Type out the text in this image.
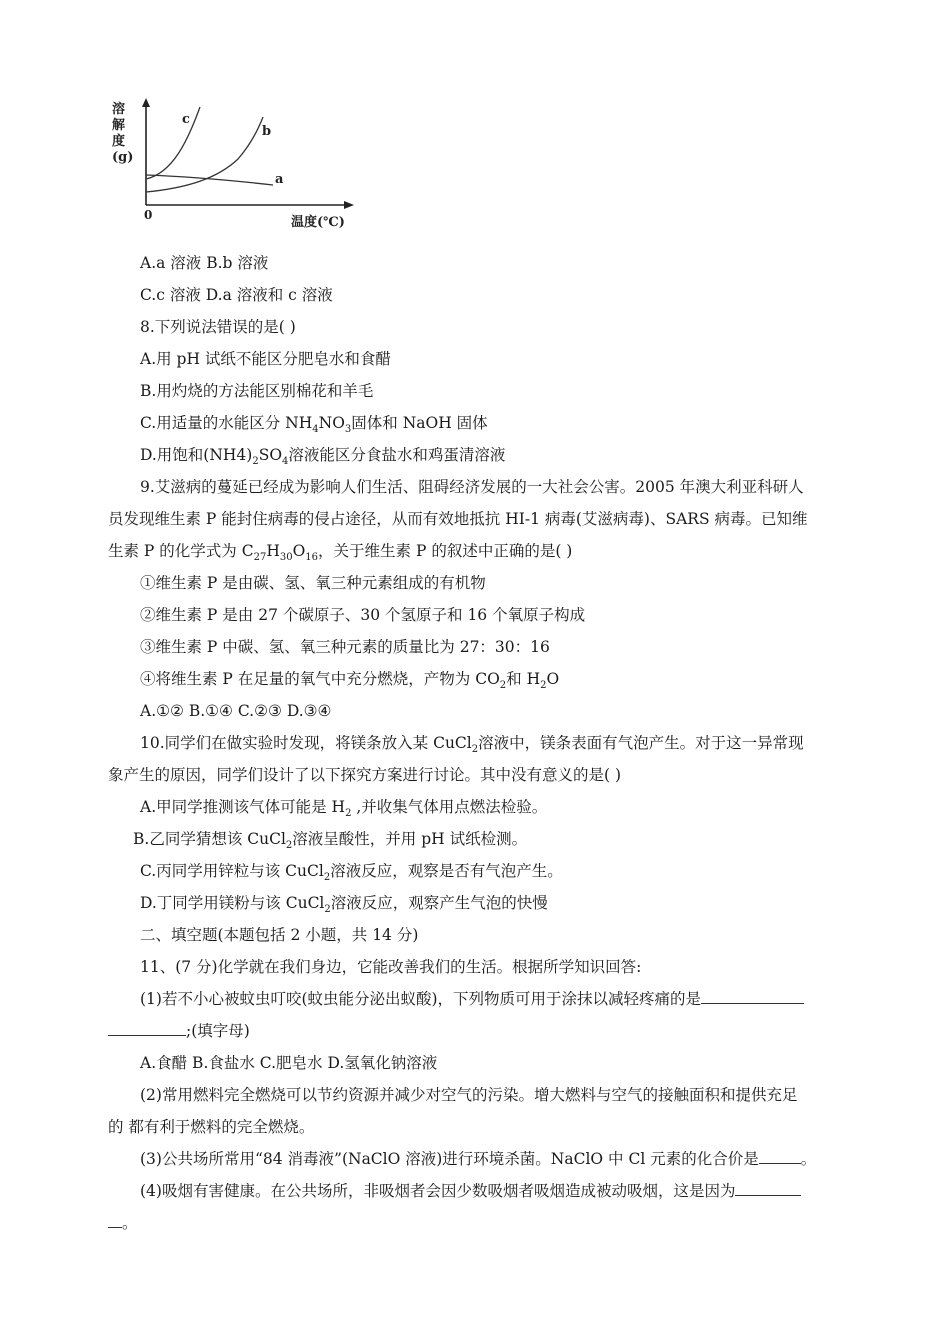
溶
解
度
(g)
0	温度(℃)
a
b
c
A.a 溶液 B.b 溶液
C.c 溶液 D.a 溶液和 c 溶液
8.下列说法错误的是( )
A.用 pH 试纸不能区分肥皂水和食醋
B.用灼烧的方法能区别棉花和羊毛
C.用适量的水能区分 $NH_4NO_3$固体和 NaOH 固体
D.用饱和$(NH4)_2SO_4$溶液能区分食盐水和鸡蛋清溶液
9.艾滋病的蔓延已经成为影响人们生活、阻碍经济发展的一大社会公害。2005 年澳大利亚科研人
员发现维生素 P 能封住病毒的侵占途径，从而有效地抵抗 HI-1 病毒(艾滋病毒)、SARS 病毒。已知维
生素 P 的化学式为 $C_{27}H_{30}O_{16}$，关于维生素 P 的叙述中正确的是( )
①维生素 P 是由碳、氢、氧三种元素组成的有机物
②维生素 P 是由 27 个碳原子、30 个氢原子和 16 个氧原子构成
③维生素 P 中碳、氢、氧三种元素的质量比为 27：30：16
④将维生素 P 在足量的氧气中充分燃烧，产物为 $CO_2$和 $H_2O$
A.①② B.①④ C.②③ D.③④
10.同学们在做实验时发现，将镁条放入某 CuCl$_2$溶液中，镁条表面有气泡产生。对于这一异常现
象产生的原因，同学们设计了以下探究方案进行讨论。其中没有意义的是( )
A.甲同学推测该气体可能是 $H_2$ ,并收集气体用点燃法检验。
B.乙同学猜想该 CuCl$_2$溶液呈酸性，并用 pH 试纸检测。
C.丙同学用锌粒与该 CuCl$_2$溶液反应，观察是否有气泡产生。
D.丁同学用镁粉与该 CuCl$_2$溶液反应，观察产生气泡的快慢
二、填空题(本题包括 2 小题，共 14 分)
11、(7 分)化学就在我们身边，它能改善我们的生活。根据所学知识回答:
(1)若不小心被蚊虫叮咬(蚊虫能分泌出蚁酸)，下列物质可用于涂抹以减轻疼痛的是
;(填字母)
A.食醋 B.食盐水 C.肥皂水 D.氢氧化钠溶液
(2)常用燃料完全燃烧可以节约资源并减少对空气的污染。增大燃料与空气的接触面积和提供充足
的 都有利于燃料的完全燃烧。
(3)公共场所常用“84 消毒液”(NaClO 溶液)进行环境杀菌。NaClO 中 Cl 元素的化合价是	。
(4)吸烟有害健康。在公共场所，非吸烟者会因少数吸烟者吸烟造成被动吸烟，这是因为
。
